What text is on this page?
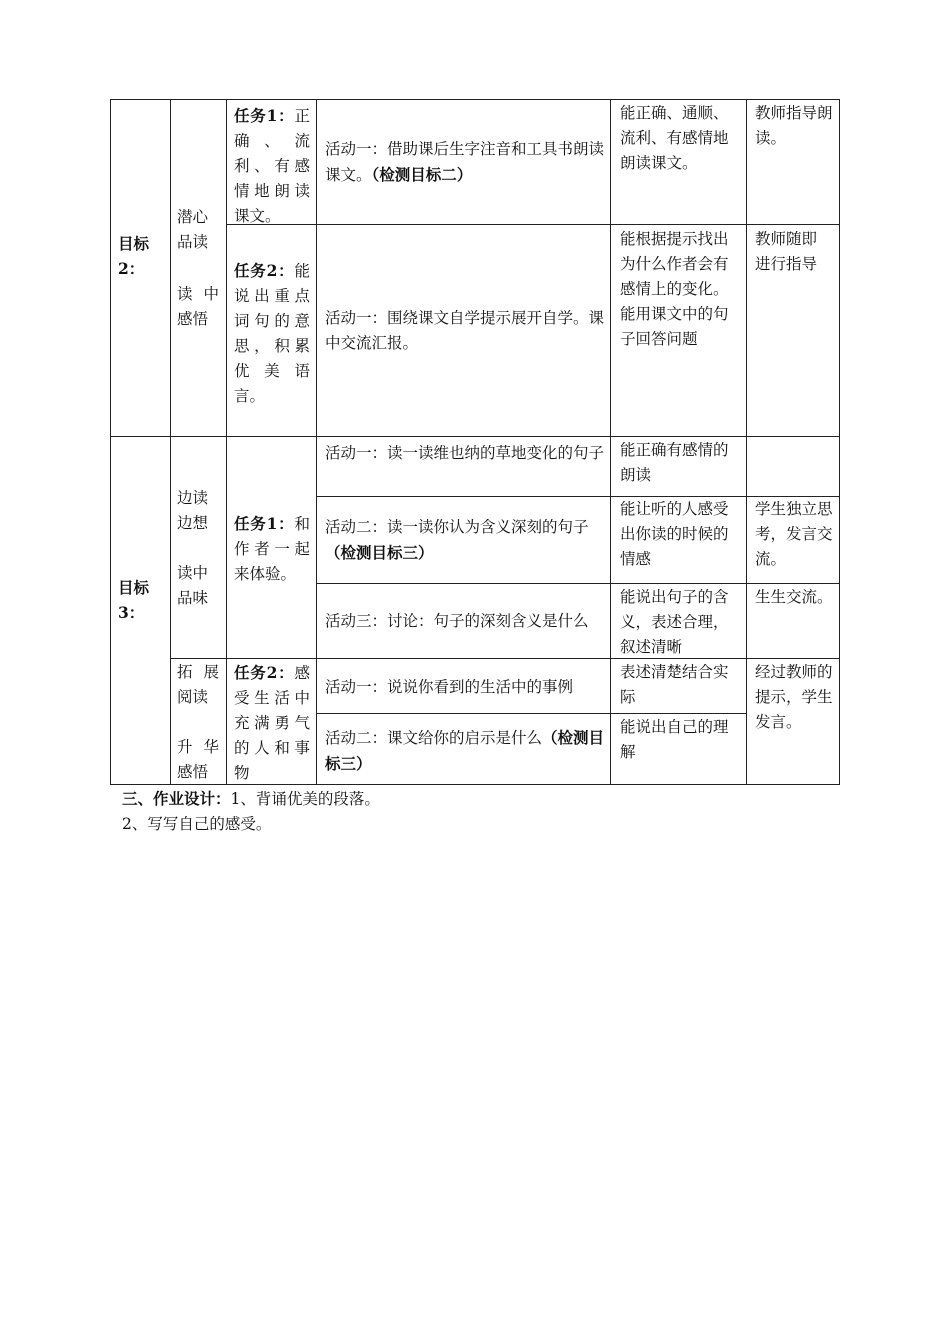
目标2：
潜心品读
读中感悟
任务1：正确、流利、有感情地朗读课文。
活动一：借助课后生字注音和工具书朗读课文。（检测目标二）
能正确、通顺、流利、有感情地朗读课文。
教师指导朗读。
任务2：能说出重点词句的意思，积累优美语言。
活动一：围绕课文自学提示展开自学。课中交流汇报。
能根据提示找出为什么作者会有感情上的变化。能用课文中的句子回答问题
教师随即进行指导
目标3：
边读边想
读中品味
任务1：和作者一起来体验。
活动一：读一读维也纳的草地变化的句子 能正确有感情的朗读
活动二：读一读你认为含义深刻的句子（检测目标三）
能让听的人感受出你读的时候的情感
学生独立思考，发言交流。
活动三：讨论：句子的深刻含义是什么
能说出句子的含义，表述合理，叙述清晰
生生交流。
拓展阅读
升华感悟
任务2：感受生活中充满勇气的人和事物
活动一：说说你看到的生活中的事例
表述清楚结合实际
活动二：课文给你的启示是什么（检测目标三）
能说出自己的理解
经过教师的提示，学生发言。
三、作业设计：1、背诵优美的段落。
2、写写自己的感受。
